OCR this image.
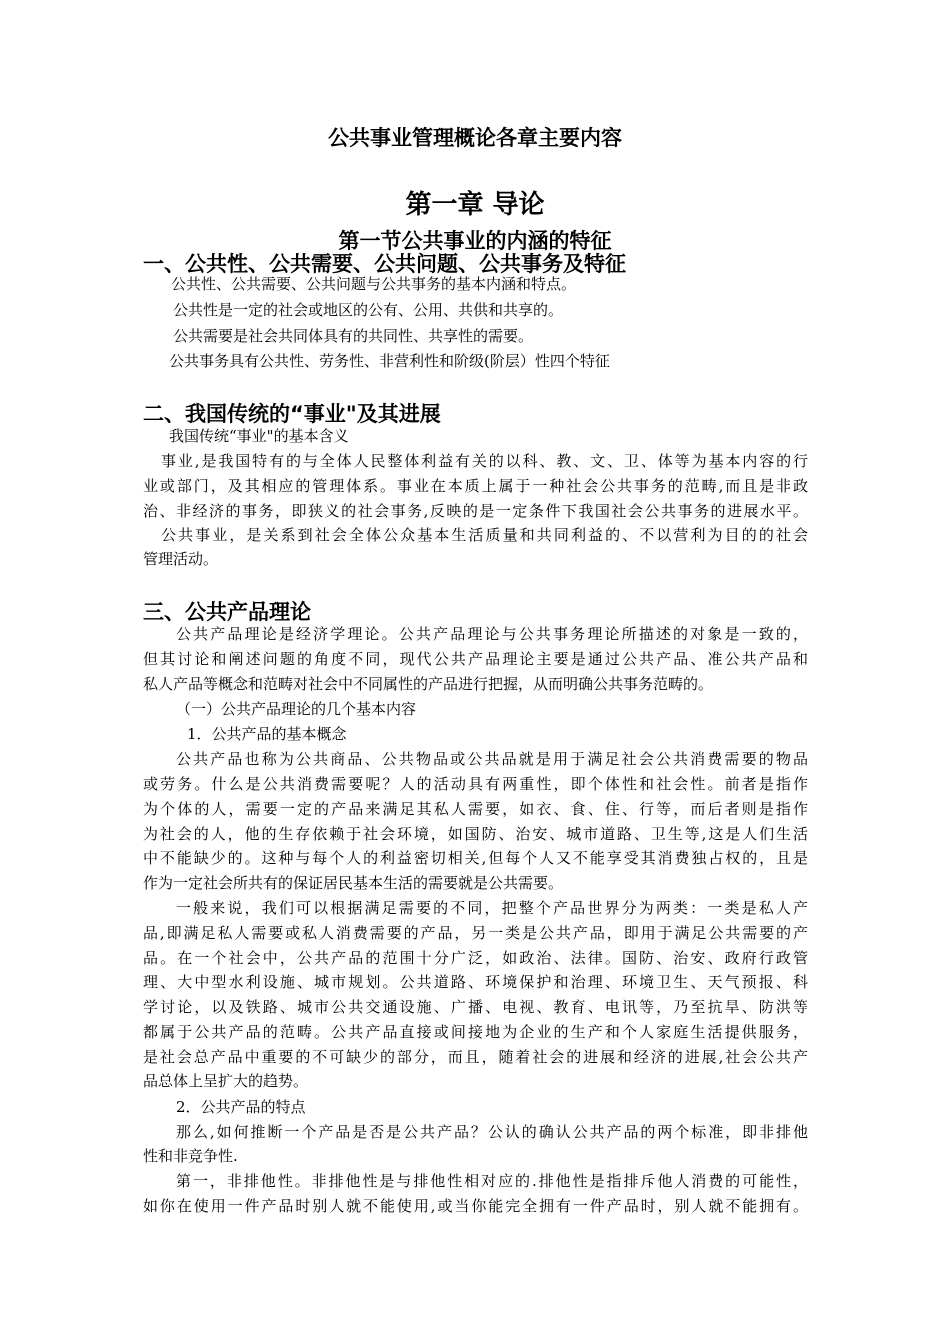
公共事业管理概论各章主要内容
第一章 导论
第一节公共事业的内涵的特征
一、公共性、公共需要、公共问题、公共事务及特征
公共性、公共需要、公共问题与公共事务的基本内涵和特点。
公共性是一定的社会或地区的公有、公用、共供和共享的。
公共需要是社会共同体具有的共同性、共享性的需要。
公共事务具有公共性、劳务性、非营利性和阶级(阶层）性四个特征
二、我国传统的“事业"及其进展
我国传统“事业"的基本含义
事业,是我国特有的与全体人民整体利益有关的以科、教、文、卫、体等为基本内容的行
业或部门，及其相应的管理体系。事业在本质上属于一种社会公共事务的范畴,而且是非政
治、非经济的事务，即狭义的社会事务,反映的是一定条件下我国社会公共事务的进展水平。
公共事业，是关系到社会全体公众基本生活质量和共同利益的、不以营利为目的的社会
管理活动。
三、公共产品理论
公共产品理论是经济学理论。公共产品理论与公共事务理论所描述的对象是一致的，
但其讨论和阐述问题的角度不同，现代公共产品理论主要是通过公共产品、准公共产品和
私人产品等概念和范畴对社会中不同属性的产品进行把握，从而明确公共事务范畴的。
（一）公共产品理论的几个基本内容
1．公共产品的基本概念
公共产品也称为公共商品、公共物品或公共品就是用于满足社会公共消费需要的物品
或劳务。什么是公共消费需要呢？人的活动具有两重性，即个体性和社会性。前者是指作
为个体的人，需要一定的产品来满足其私人需要，如衣、食、住、行等，而后者则是指作
为社会的人，他的生存依赖于社会环境，如国防、治安、城市道路、卫生等,这是人们生活
中不能缺少的。这种与每个人的利益密切相关,但每个人又不能享受其消费独占权的，且是
作为一定社会所共有的保证居民基本生活的需要就是公共需要。
一般来说，我们可以根据满足需要的不同，把整个产品世界分为两类：一类是私人产
品,即满足私人需要或私人消费需要的产品，另一类是公共产品，即用于满足公共需要的产
品。在一个社会中，公共产品的范围十分广泛，如政治、法律。国防、治安、政府行政管
理、大中型水利设施、城市规划。公共道路、环境保护和治理、环境卫生、天气预报、科
学讨论，以及铁路、城市公共交通设施、广播、电视、教育、电讯等，乃至抗旱、防洪等
都属于公共产品的范畴。公共产品直接或间接地为企业的生产和个人家庭生活提供服务，
是社会总产品中重要的不可缺少的部分，而且，随着社会的进展和经济的进展,社会公共产
品总体上呈扩大的趋势。
2．公共产品的特点
那么,如何推断一个产品是否是公共产品？公认的确认公共产品的两个标准，即非排他
性和非竞争性.
第一，非排他性。非排他性是与排他性相对应的.排他性是指排斥他人消费的可能性，
如你在使用一件产品时别人就不能使用,或当你能完全拥有一件产品时，别人就不能拥有。
